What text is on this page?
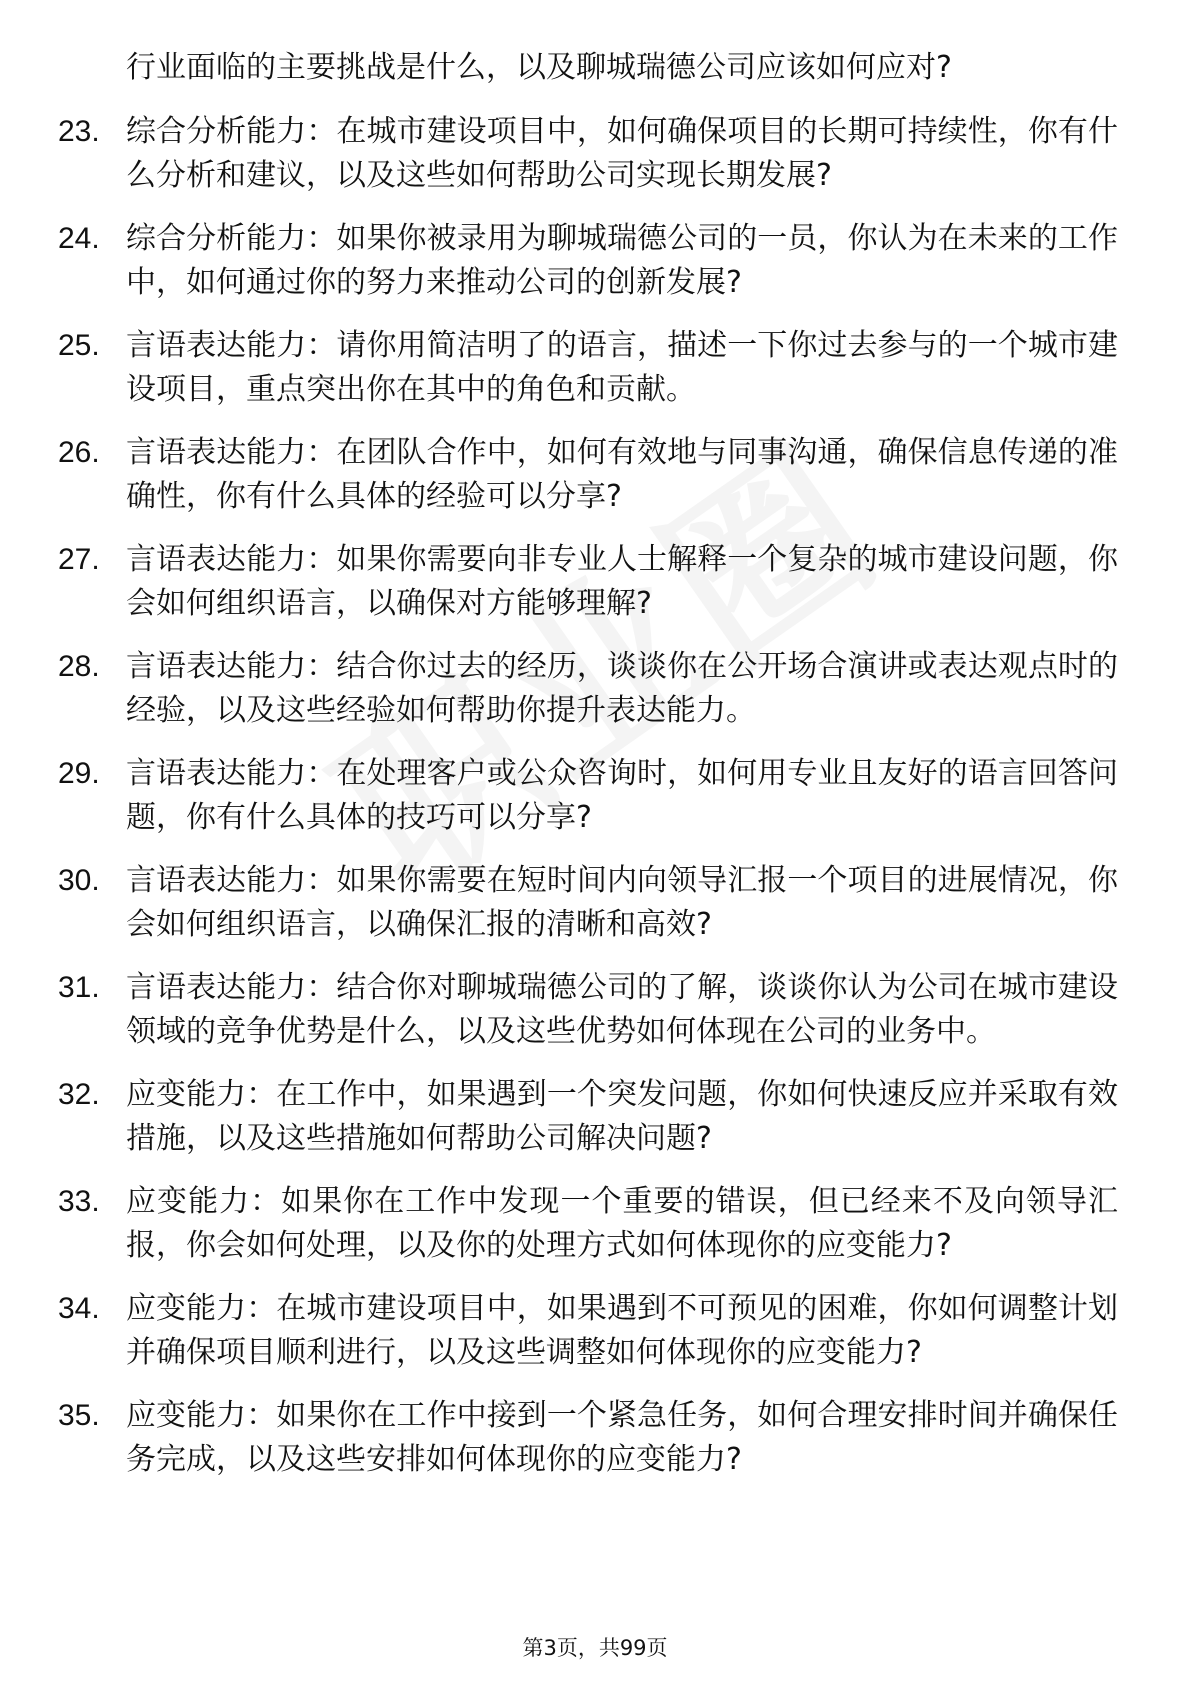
行业面临的主要挑战是什么，以及聊城瑞德公司应该如何应对?
23. 综合分析能力：在城市建设项目中，如何确保项目的长期可持续性，你有什么分析和建议，以及这些如何帮助公司实现长期发展?
24. 综合分析能力：如果你被录用为聊城瑞德公司的一员，你认为在未来的工作中，如何通过你的努力来推动公司的创新发展?
25. 言语表达能力：请你用简洁明了的语言，描述一下你过去参与的一个城市建设项目，重点突出你在其中的角色和贡献。
26. 言语表达能力：在团队合作中，如何有效地与同事沟通，确保信息传递的准确性，你有什么具体的经验可以分享?
27. 言语表达能力：如果你需要向非专业人士解释一个复杂的城市建设问题，你会如何组织语言，以确保对方能够理解?
28. 言语表达能力：结合你过去的经历，谈谈你在公开场合演讲或表达观点时的经验，以及这些经验如何帮助你提升表达能力。
29. 言语表达能力：在处理客户或公众咨询时，如何用专业且友好的语言回答问题，你有什么具体的技巧可以分享?
30. 言语表达能力：如果你需要在短时间内向领导汇报一个项目的进展情况，你会如何组织语言，以确保汇报的清晰和高效?
31. 言语表达能力：结合你对聊城瑞德公司的了解，谈谈你认为公司在城市建设领域的竞争优势是什么，以及这些优势如何体现在公司的业务中。
32. 应变能力：在工作中，如果遇到一个突发问题，你如何快速反应并采取有效措施，以及这些措施如何帮助公司解决问题?
33. 应变能力：如果你在工作中发现一个重要的错误，但已经来不及向领导汇报，你会如何处理，以及你的处理方式如何体现你的应变能力?
34. 应变能力：在城市建设项目中，如果遇到不可预见的困难，你如何调整计划并确保项目顺利进行，以及这些调整如何体现你的应变能力?
35. 应变能力：如果你在工作中接到一个紧急任务，如何合理安排时间并确保任务完成，以及这些安排如何体现你的应变能力?
第3页，共99页
